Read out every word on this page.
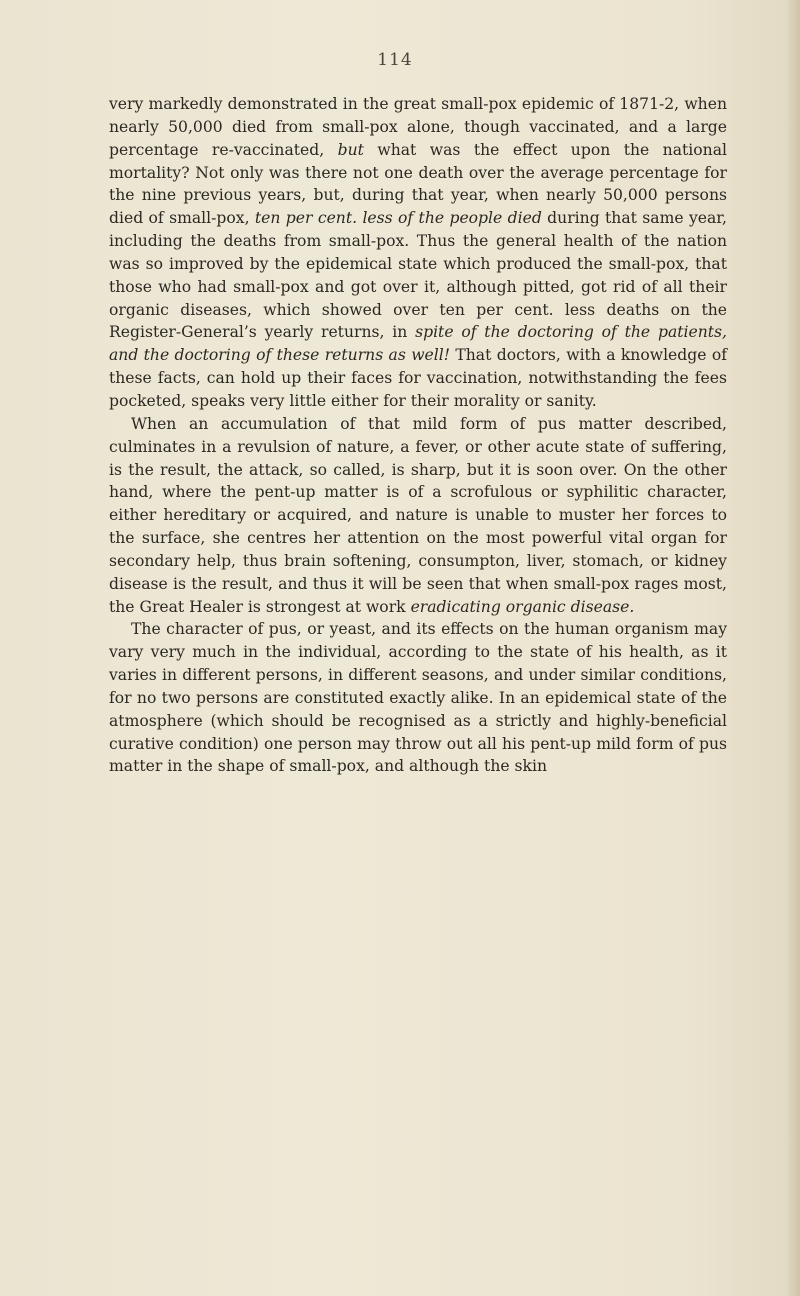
114

very markedly demonstrated in the great small-pox epidemic of 1871-2, when nearly 50,000 died from small-pox alone, though vaccinated, and a large percentage re-vaccinated, but what was the effect upon the national mortality? Not only was there not one death over the average percentage for the nine previous years, but, during that year, when nearly 50,000 persons died of small-pox, ten per cent. less of the people died during that same year, including the deaths from small-pox. Thus the general health of the nation was so improved by the epidemical state which produced the small-pox, that those who had small-pox and got over it, although pitted, got rid of all their organic diseases, which showed over ten per cent. less deaths on the Register-General’s yearly returns, in spite of the doctoring of the patients, and the doctoring of these returns as well! That doctors, with a knowledge of these facts, can hold up their faces for vaccination, notwithstanding the fees pocketed, speaks very little either for their morality or sanity.

When an accumulation of that mild form of pus matter described, culminates in a revulsion of nature, a fever, or other acute state of suffering, is the result, the attack, so called, is sharp, but it is soon over. On the other hand, where the pent-up matter is of a scrofulous or syphilitic character, either hereditary or acquired, and nature is unable to muster her forces to the surface, she centres her attention on the most powerful vital organ for secondary help, thus brain softening, consumpton, liver, stomach, or kidney disease is the result, and thus it will be seen that when small-pox rages most, the Great Healer is strongest at work eradicating organic disease.

The character of pus, or yeast, and its effects on the human organism may vary very much in the individual, according to the state of his health, as it varies in different persons, in different seasons, and under similar conditions, for no two persons are constituted exactly alike. In an epidemical state of the atmosphere (which should be recognised as a strictly and highly-beneficial curative condition) one person may throw out all his pent-up mild form of pus matter in the shape of small-pox, and although the skin
